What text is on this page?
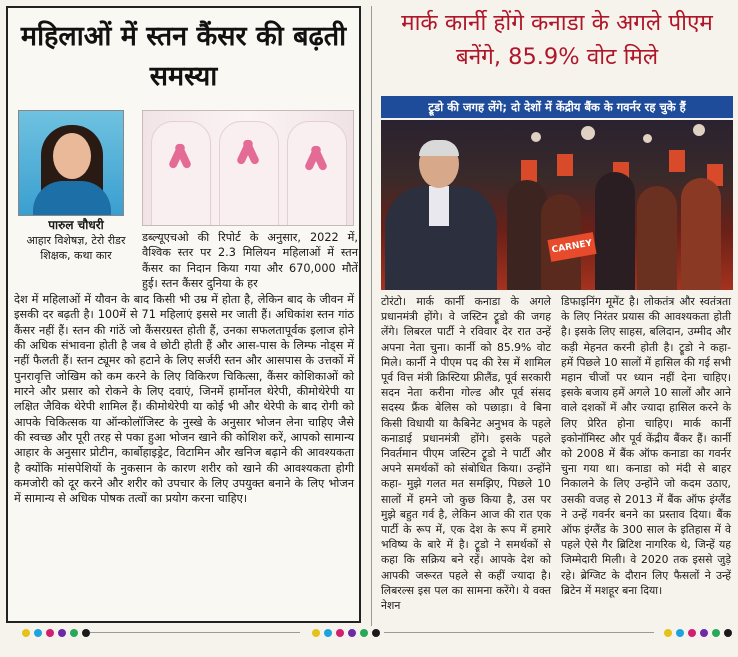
महिलाओं में स्तन कैंसर की बढ़ती समस्या
पारुल चौधरी
आहार विशेषज्ञ, टेरो रीडर
शिक्षक, कथा कार

डब्ल्यूएचओ की रिपोर्ट के अनुसार, 2022 में, वैश्विक स्तर पर 2.3 मिलियन महिलाओं में स्तन कैंसर का निदान किया गया और 670,000 मौतें हुई। स्तन कैंसर दुनिया के हर

देश में महिलाओं में यौवन के बाद किसी भी उम्र में होता है, लेकिन बाद के जीवन में इसकी दर बढ़ती है। 100में से 71 महिलाएं इससे मर जाती हैं। अधिकांश स्तन गांठ कैंसर नहीं हैं। स्तन की गांठें जो कैंसरग्रस्त होती हैं, उनका सफलतापूर्वक इलाज होने की अधिक संभावना होती है जब वे छोटी होती हैं और आस-पास के लिम्फ नोड्स में नहीं फैलती हैं। स्तन ट्यूमर को हटाने के लिए सर्जरी स्तन और आसपास के उत्तकों में पुनरावृत्ति जोखिम को कम करने के लिए विकिरण चिकित्सा, कैंसर कोशिकाओं को मारने और प्रसार को रोकने के लिए दवाएं, जिनमें हार्मोनल थेरेपी, कीमोथेरेपी या लक्षित जैविक थेरेपी शामिल हैं। कीमोथेरेपी या कोई भी और थेरेपी के बाद रोगी को आपके चिकित्सक या ऑन्कोलॉजिस्ट के नुस्खे के अनुसार भोजन लेना चाहिए जैसे की स्वच्छ और पूरी तरह से पका हुआ भोजन खाने की कोशिश करें, आपको सामान्य आहार के अनुसार प्रोटीन, कार्बोहाइड्रेट, विटामिन और खनिज बढ़ाने की आवश्यकता है क्योंकि मांसपेशियों के नुकसान के कारण शरीर को खाने की आवश्यकता होगी कमजोरी को दूर करने और शरीर को उपचार के लिए उपयुक्त बनाने के लिए भोजन में सामान्य से अधिक पोषक तत्वों का प्रयोग करना चाहिए।

मार्क कार्नी होंगे कनाडा के अगले पीएम बनेंगे, 85.9% वोट मिले
ट्रूडो की जगह लेंगे; दो देशों में केंद्रीय बैंक के गवर्नर रह चुके हैं
CARNEY

टोरंटो। मार्क कार्नी कनाडा के अगले प्रधानमंत्री होंगे। वे जस्टिन ट्रूडो की जगह लेंगे। लिबरल पार्टी ने रविवार देर रात उन्हें अपना नेता चुना। कार्नी को 85.9% वोट मिले। कार्नी ने पीएम पद की रेस में शामिल पूर्व वित्त मंत्री क्रिस्टिया फ्रीलैंड, पूर्व सरकारी सदन नेता करीना गोल्ड और पूर्व संसद सदस्य फ्रैंक बेलिस को पछाड़ा। वे बिना किसी विधायी या कैबिनेट अनुभव के पहले कनाडाई प्रधानमंत्री होंगे। इसके पहले निवर्तमान पीएम जस्टिन ट्रूडो ने पार्टी और अपने समर्थकों को संबोधित किया। उन्होंने कहा- मुझे गलत मत समझिए, पिछले 10 सालों में हमने जो कुछ किया है, उस पर मुझे बहुत गर्व है, लेकिन आज की रात एक पार्टी के रूप में, एक देश के रूप में हमारे भविष्य के बारे में है। ट्रूडो ने समर्थकों से कहा कि सक्रिय बने रहें। आपके देश को आपकी जरूरत पहले से कहीं ज्यादा है। लिबरल्स इस पल का सामना करेंगे। ये वक्त नेशन

डिफाइनिंग मूमेंट है। लोकतंत्र और स्वतंत्रता के लिए निरंतर प्रयास की आवश्यकता होती है। इसके लिए साहस, बलिदान, उम्मीद और कड़ी मेहनत करनी होती है। ट्रूडो ने कहा- हमें पिछले 10 सालों में हासिल की गई सभी महान चीजों पर ध्यान नहीं देना चाहिए। इसके बजाय हमें अगले 10 सालों और आने वाले दशकों में और ज्यादा हासिल करने के लिए प्रेरित होना चाहिए। मार्क कार्नी इकोनॉमिस्ट और पूर्व केंद्रीय बैंकर हैं। कार्नी को 2008 में बैंक ऑफ कनाडा का गवर्नर चुना गया था। कनाडा को मंदी से बाहर निकालने के लिए उन्होंने जो कदम उठाए, उसकी वजह से 2013 में बैंक ऑफ इंग्लैंड ने उन्हें गवर्नर बनने का प्रस्ताव दिया। बैंक ऑफ इंग्लैंड के 300 साल के इतिहास में वे पहले ऐसे गैर ब्रिटिश नागरिक थे, जिन्हें यह जिम्मेदारी मिली। वे 2020 तक इससे जुड़े रहे। ब्रेग्जिट के दौरान लिए फैसलों ने उन्हें ब्रिटेन में मशहूर बना दिया।
